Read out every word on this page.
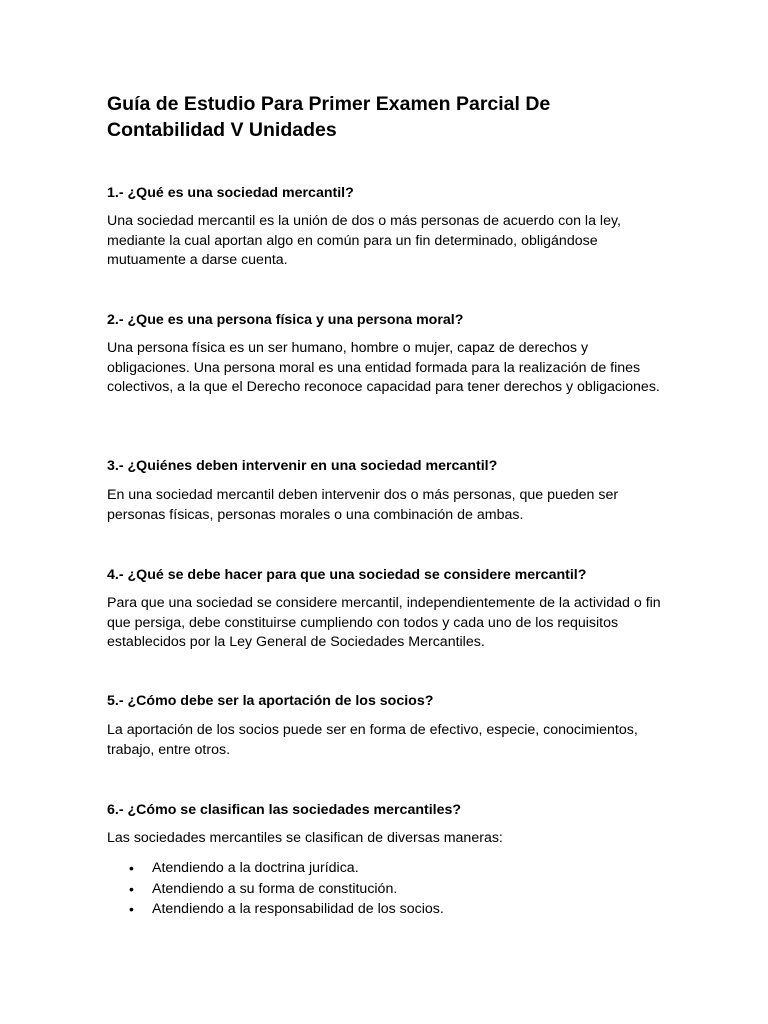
Guía de Estudio Para Primer Examen Parcial De Contabilidad V Unidades

1.- ¿Qué es una sociedad mercantil?

Una sociedad mercantil es la unión de dos o más personas de acuerdo con la ley, mediante la cual aportan algo en común para un fin determinado, obligándose mutuamente a darse cuenta.

2.- ¿Que es una persona física y una persona moral?

Una persona física es un ser humano, hombre o mujer, capaz de derechos y obligaciones. Una persona moral es una entidad formada para la realización de fines colectivos, a la que el Derecho reconoce capacidad para tener derechos y obligaciones.

3.- ¿Quiénes deben intervenir en una sociedad mercantil?

En una sociedad mercantil deben intervenir dos o más personas, que pueden ser personas físicas, personas morales o una combinación de ambas.

4.- ¿Qué se debe hacer para que una sociedad se considere mercantil?

Para que una sociedad se considere mercantil, independientemente de la actividad o fin que persiga, debe constituirse cumpliendo con todos y cada uno de los requisitos establecidos por la Ley General de Sociedades Mercantiles.

5.- ¿Cómo debe ser la aportación de los socios?

La aportación de los socios puede ser en forma de efectivo, especie, conocimientos, trabajo, entre otros.

6.- ¿Cómo se clasifican las sociedades mercantiles?

Las sociedades mercantiles se clasifican de diversas maneras:

• Atendiendo a la doctrina jurídica.
• Atendiendo a su forma de constitución.
• Atendiendo a la responsabilidad de los socios.
